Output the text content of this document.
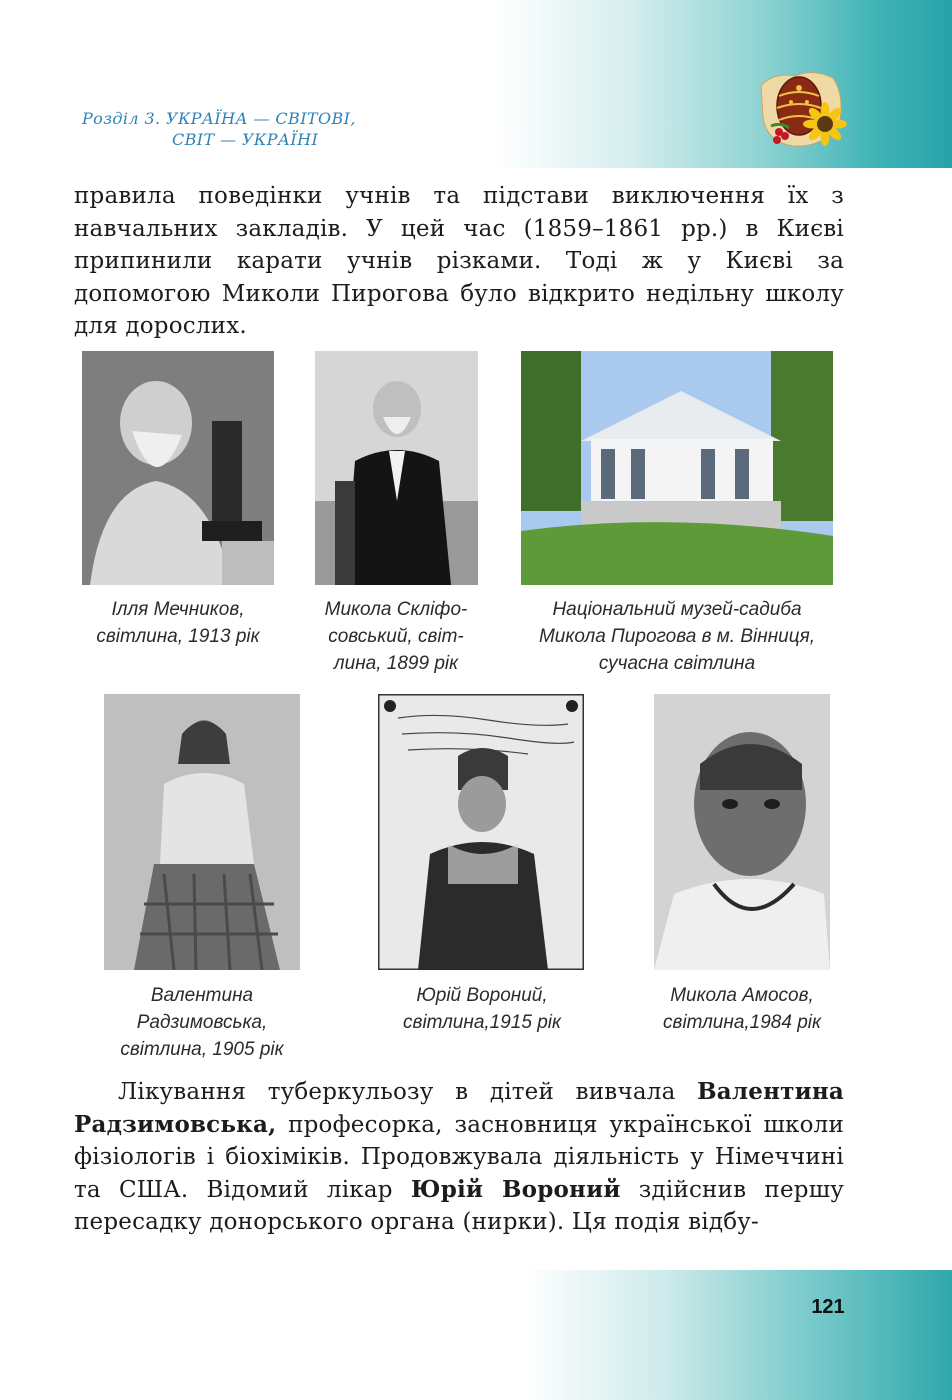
Розділ 3. УКРАЇНА — СВІТОВІ,
СВІТ — УКРАЇНІ

правила поведінки учнів та підстави виключення їх з навчальних закладів. У цей час (1859–1861 рр.) в Києві припинили карати учнів різками. Тоді ж у Києві за допомогою Миколи Пирогова було відкрито недільну школу для дорослих.

Ілля Мечников,
світлина, 1913 рік
Микола Скліфо-
совський, світ-
лина, 1899 рік
Національний музей-садиба
Микола Пирогова в м. Вінниця,
сучасна світлина
Валентина
Радзимовська,
світлина, 1905 рік
Юрій Вороний,
світлина,1915 рік
Микола Амосов,
світлина,1984 рік

Лікування туберкульозу в дітей вивчала Валентина Радзимовська, професорка, засновниця української школи фізіологів і біохіміків. Продовжувала діяльність у Німеччині та США. Відомий лікар Юрій Вороний здійснив першу пересадку донорського органа (нирки). Ця подія відбу-

121
